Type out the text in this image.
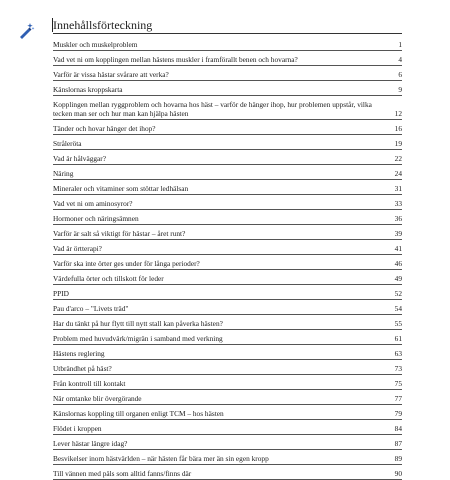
Innehållsförteckning
Muskler och muskelproblem	1
Vad vet ni om kopplingen mellan hästens muskler i framförallt benen och hovarna?	4
Varför är vissa hästar svårare att verka?	6
Känslornas kroppskarta	9
Kopplingen mellan ryggproblem och hovarna hos häst – varför de hänger ihop, hur problemen uppstår, vilka tecken man ser och hur man kan hjälpa hästen	12
Tänder och hovar hänger det ihop?	16
Stråleröta	19
Vad är hålväggar?	22
Näring	24
Mineraler och vitaminer som stöttar ledhälsan	31
Vad vet ni om aminosyror?	33
Hormoner och näringsämnen	36
Varför är salt så viktigt för hästar – året runt?	39
Vad är örtterapi?	41
Varför ska inte örter ges under för långa perioder?	46
Värdefulla örter och tillskott för leder	49
PPID	52
Pau d'arco – "Livets träd"	54
Har du tänkt på hur flytt till nytt stall kan påverka hästen?	55
Problem med huvudvärk/migrän i samband med verkning	61
Hästens reglering	63
Utbrändhet på häst?	73
Från kontroll till kontakt	75
När omtanke blir övergörande	77
Känslornas koppling till organen enligt TCM – hos hästen	79
Flödet i kroppen	84
Lever hästar längre idag?	87
Besvikelser inom hästvärlden – när hästen får bära mer än sin egen kropp	89
Till vännen med päls som alltid fanns/finns där	90
